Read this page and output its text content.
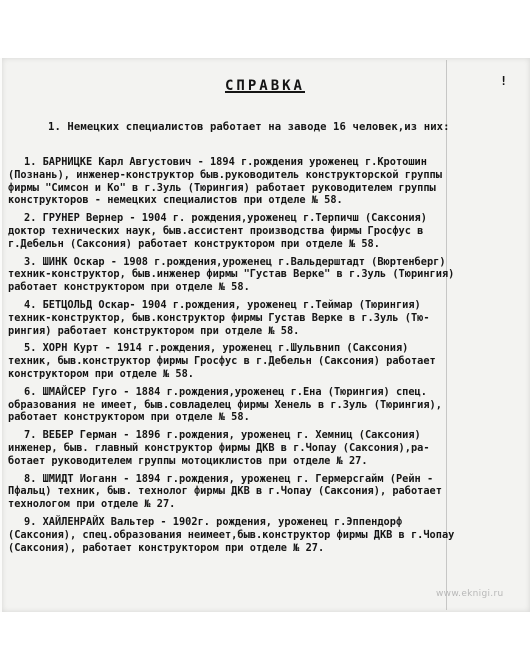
!
СПРАВКА
1. Немецких специалистов работает на заводе 16 человек,из них:
1. БАРНИЦКЕ Карл Августович - 1894 г.рождения уроженец г.Кротошин
(Познань), инженер-конструктор быв.руководитель конструкторской группы
фирмы "Симсон и Ко" в г.Зуль (Тюрингия) работает руководителем группы
конструкторов - немецких специалистов при отделе № 58.
2. ГРУНЕР Вернер - 1904 г. рождения,уроженец г.Терпичш (Саксония)
доктор технических наук, быв.ассистент производства фирмы Гросфус в
г.Дебельн (Саксония) работает конструктором при отделе № 58.
3. ШИНК Оскар - 1908 г.рождения,уроженец г.Вальдерштадт (Вюртенберг)
техник-конструктор, быв.инженер фирмы "Густав Верке" в г.Зуль (Тюрингия)
работает конструктором при отделе № 58.
4. БЕТЦОЛЬД Оскар- 1904 г.рождения, уроженец г.Теймар (Тюрингия)
техник-конструктор, быв.конструктор фирмы Густав Верке в г.Зуль (Тю-
рингия) работает конструктором при отделе № 58.
5. ХОРН Курт - 1914 г.рождения, уроженец г.Шульвнип (Саксония)
техник, быв.конструктор фирмы Гросфус в г.Дебельн (Саксония) работает
конструктором при отделе № 58.
6. ШМАЙСЕР Гуго - 1884 г.рождения,уроженец г.Ена (Тюрингия) спец.
образования не имеет, быв.совладелец фирмы Хенель в г.Зуль (Тюрингия),
работает конструктором при отделе № 58.
7. ВЕБЕР Герман - 1896 г.рождения, уроженец г. Хемниц (Саксония)
инженер, быв. главный конструктор фирмы ДКВ в г.Чопау (Саксония),ра-
ботает руководителем группы мотоциклистов при отделе № 27.
8. ШМИДТ Иоганн - 1894 г.рождения, уроженец г. Гермерсгайм (Рейн -
Пфальц) техник, быв. технолог фирмы ДКВ в г.Чопау (Саксония), работает
технологом при отделе № 27.
9. ХАЙЛЕНРАЙХ Вальтер - 1902г. рождения, уроженец г.Эппендорф
(Саксония), спец.образования неимеет,быв.конструктор фирмы ДКВ в г.Чопау
(Саксония), работает конструктором при отделе № 27.
www.eknigi.ru
